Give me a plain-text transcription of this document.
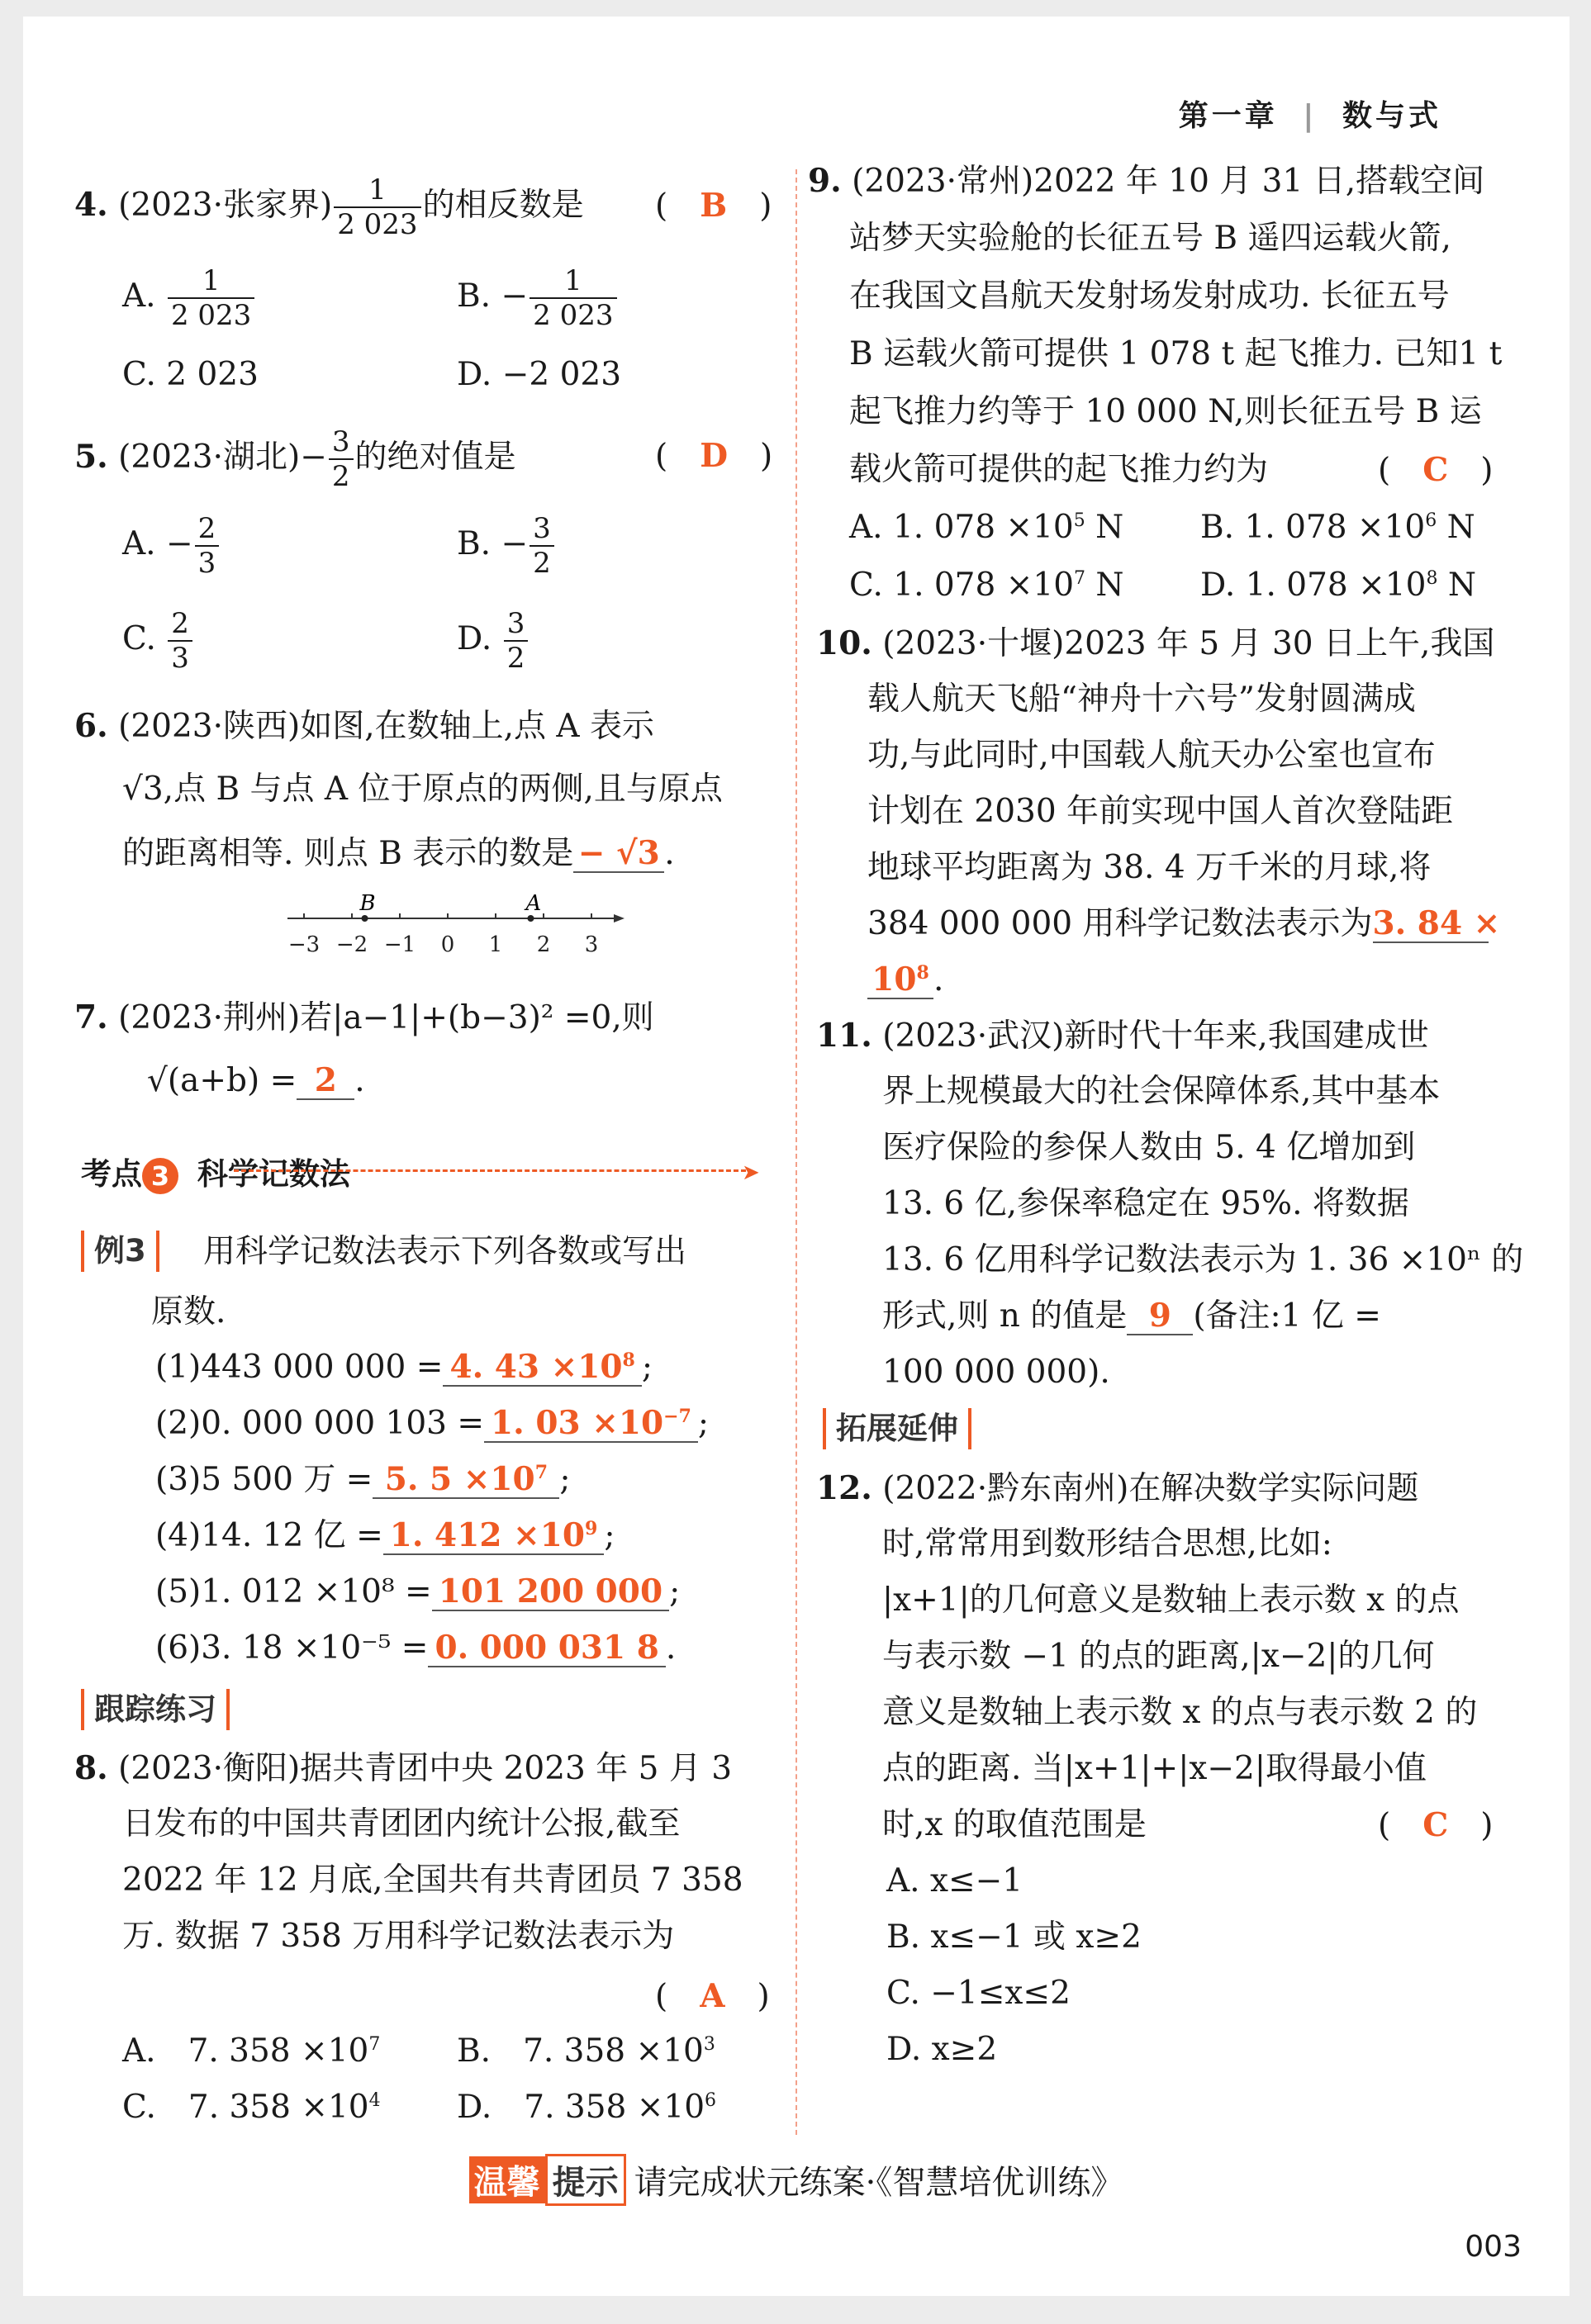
第一章 | 数与式
4. (2023·张家界) $\frac{1}{2 023}$ 的相反数是 (　B　)
A. $\frac{1}{2 023}$	B. − $\frac{1}{2 023}$
C. 2 023	D. −2 023
5. (2023·湖北)− $\frac{3}{2}$ 的绝对值是	(　D　)
A. − $\frac{2}{3}$	B. − $\frac{3}{2}$
C. $\frac{2}{3}$	D. $\frac{3}{2}$
6. (2023·陕西)如图,在数轴上,点 A 表示
√3,点 B 与点 A 位于原点的两侧,且与原点
的距离相等. 则点 B 表示的数是 − √3 .
−3 −2 −1 0 1 2 3
B	A
7. (2023·荆州)若|a−1|+(b−3)² =0,则
√(a+b) = 2 .
考点 3 科学记数法	➤
例3	用科学记数法表示下列各数或写出
原数.
(1)443 000 000 = 4. $43 \times 10^8$ ;
(2)0. 000 000 103 = 1. $03 \times 10^{-7}$ ;
(3)5 500 万 = 5. $5 \times 10^7$ ;
(4)14. 12 亿 = 1. $412 \times 10^9$ ;
(5)1. 012 ×10⁸ = 101 200 000 ;
(6)3. 18 ×10⁻⁵ = 0. 000 031 8 .
跟踪练习
8. (2023·衡阳)据共青团中央 2023 年 5 月 3
日发布的中国共青团团内统计公报,截至
2022 年 12 月底,全国共有共青团员 7 358
万. 数据 7 358 万用科学记数法表示为
(　A　)
A.　 7. $358 \times 10^7$ B.　 7. $358 \times 10^3$
C.　 7. $358 \times 10^4$ D.　 7. $358 \times 10^6$
9. (2023·常州)2022 年 10 月 31 日,搭载空间
站梦天实验舱的长征五号 B 遥四运载火箭,
在我国文昌航天发射场发射成功. 长征五号
B 运载火箭可提供 1 078 t 起飞推力. 已知1 t
起飞推力约等于 10 000 N,则长征五号 B 运
载火箭可提供的起飞推力约为	(　C　)
A. 1. $078 \times 10^5$ N B. 1. $078 \times 10^6$ N
C. 1. $078 \times 10^7$ N D. 1. $078 \times 10^8$ N
10. (2023·十堰)2023 年 5 月 30 日上午,我国
载人航天飞船“神舟十六号”发射圆满成
功,与此同时,中国载人航天办公室也宣布
计划在 2030 年前实现中国人首次登陆距
地球平均距离为 38. 4 万千米的月球,将
384 000 000 用科学记数法表示为3. 84 ×
$10^8$ .
11. (2023·武汉)新时代十年来,我国建成世
界上规模最大的社会保障体系,其中基本
医疗保险的参保人数由 5. 4 亿增加到
13. 6 亿,参保率稳定在 95%. 将数据
13. 6 亿用科学记数法表示为 1. 36 ×10ⁿ 的
形式,则 n 的值是 9 (备注:1 亿 =
100 000 000).
拓展延伸
12. (2022·黔东南州)在解决数学实际问题
时,常常用到数形结合思想,比如:
|x+1|的几何意义是数轴上表示数 x 的点
与表示数 −1 的点的距离,|x−2|的几何
意义是数轴上表示数 x 的点与表示数 2 的
点的距离. 当|x+1|+|x−2|取得最小值
时,x 的取值范围是	(　C　)
A. x≤−1
B. x≤−1 或 x≥2
C. −1≤x≤2
D. x≥2
温馨 提示 请完成状元练案·《智慧培优训练》
003
